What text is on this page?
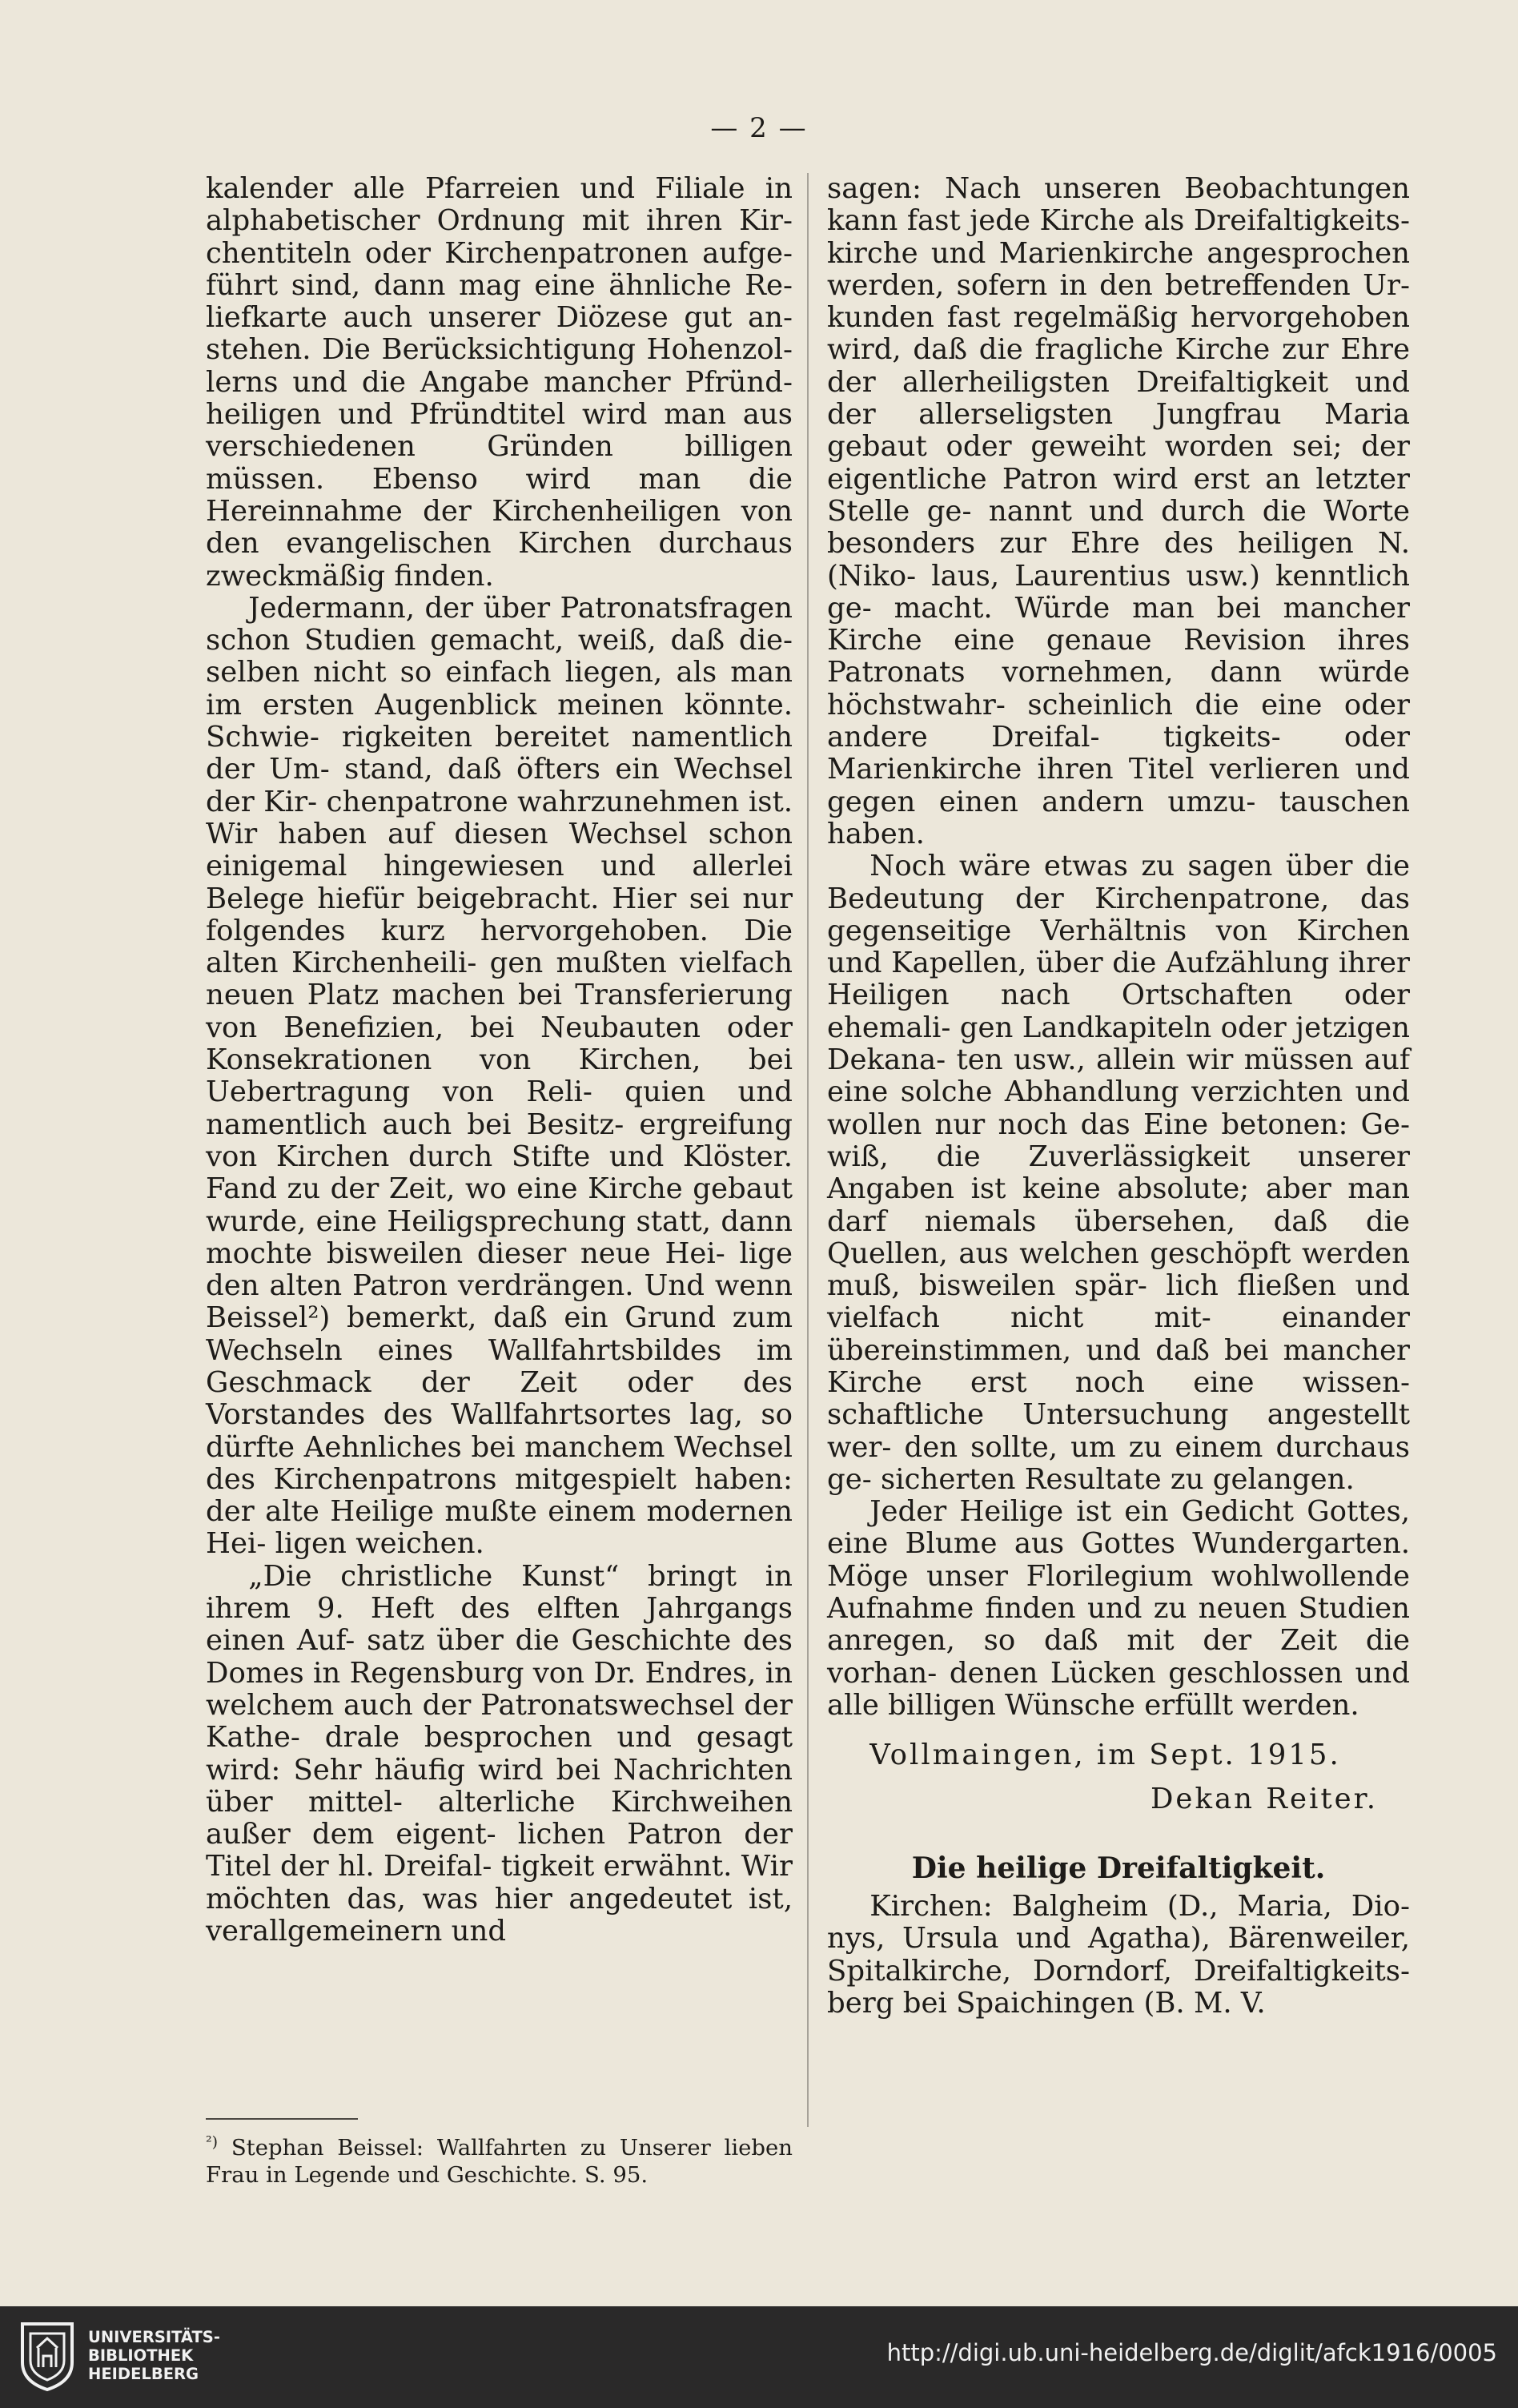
— 2 —

kalender alle Pfarreien und Filiale in alphabetischer Ordnung mit ihren Kir- chentiteln oder Kirchenpatronen aufge- führt sind, dann mag eine ähnliche Re- liefkarte auch unserer Diözese gut an- stehen. Die Berücksichtigung Hohenzol- lerns und die Angabe mancher Pfründ- heiligen und Pfründtitel wird man aus verschiedenen Gründen billigen müssen. Ebenso wird man die Hereinnahme der Kirchenheiligen von den evangelischen Kirchen durchaus zweckmäßig finden.

Jedermann, der über Patronatsfragen schon Studien gemacht, weiß, daß die- selben nicht so einfach liegen, als man im ersten Augenblick meinen könnte. Schwie- rigkeiten bereitet namentlich der Um- stand, daß öfters ein Wechsel der Kir- chenpatrone wahrzunehmen ist. Wir haben auf diesen Wechsel schon einigemal hingewiesen und allerlei Belege hiefür beigebracht. Hier sei nur folgendes kurz hervorgehoben. Die alten Kirchenheili- gen mußten vielfach neuen Platz machen bei Transferierung von Benefizien, bei Neubauten oder Konsekrationen von Kirchen, bei Uebertragung von Reli- quien und namentlich auch bei Besitz- ergreifung von Kirchen durch Stifte und Klöster. Fand zu der Zeit, wo eine Kirche gebaut wurde, eine Heiligsprechung statt, dann mochte bisweilen dieser neue Hei- lige den alten Patron verdrängen. Und wenn Beissel²) bemerkt, daß ein Grund zum Wechseln eines Wallfahrtsbildes im Geschmack der Zeit oder des Vorstandes des Wallfahrtsortes lag, so dürfte Aehnliches bei manchem Wechsel des Kirchenpatrons mitgespielt haben: der alte Heilige mußte einem modernen Hei- ligen weichen.

„Die christliche Kunst“ bringt in ihrem 9. Heft des elften Jahrgangs einen Auf- satz über die Geschichte des Domes in Regensburg von Dr. Endres, in welchem auch der Patronatswechsel der Kathe- drale besprochen und gesagt wird: Sehr häufig wird bei Nachrichten über mittel- alterliche Kirchweihen außer dem eigent- lichen Patron der Titel der hl. Dreifal- tigkeit erwähnt. Wir möchten das, was hier angedeutet ist, verallgemeinern und

sagen: Nach unseren Beobachtungen kann fast jede Kirche als Dreifaltigkeits- kirche und Marienkirche angesprochen werden, sofern in den betreffenden Ur- kunden fast regelmäßig hervorgehoben wird, daß die fragliche Kirche zur Ehre der allerheiligsten Dreifaltigkeit und der allerseligsten Jungfrau Maria gebaut oder geweiht worden sei; der eigentliche Patron wird erst an letzter Stelle ge- nannt und durch die Worte besonders zur Ehre des heiligen N. (Niko- laus, Laurentius usw.) kenntlich ge- macht. Würde man bei mancher Kirche eine genaue Revision ihres Patronats vornehmen, dann würde höchstwahr- scheinlich die eine oder andere Dreifal- tigkeits- oder Marienkirche ihren Titel verlieren und gegen einen andern umzu- tauschen haben.

Noch wäre etwas zu sagen über die Bedeutung der Kirchenpatrone, das gegenseitige Verhältnis von Kirchen und Kapellen, über die Aufzählung ihrer Heiligen nach Ortschaften oder ehemali- gen Landkapiteln oder jetzigen Dekana- ten usw., allein wir müssen auf eine solche Abhandlung verzichten und wollen nur noch das Eine betonen: Ge- wiß, die Zuverlässigkeit unserer Angaben ist keine absolute; aber man darf niemals übersehen, daß die Quellen, aus welchen geschöpft werden muß, bisweilen spär- lich fließen und vielfach nicht mit- einander übereinstimmen, und daß bei mancher Kirche erst noch eine wissen- schaftliche Untersuchung angestellt wer- den sollte, um zu einem durchaus ge- sicherten Resultate zu gelangen.

Jeder Heilige ist ein Gedicht Gottes, eine Blume aus Gottes Wundergarten. Möge unser Florilegium wohlwollende Aufnahme finden und zu neuen Studien anregen, so daß mit der Zeit die vorhan- denen Lücken geschlossen und alle billigen Wünsche erfüllt werden.

Vollmaingen, im Sept. 1915.

Dekan Reiter.

Die heilige Dreifaltigkeit.

Kirchen: Balgheim (D., Maria, Dio- nys, Ursula und Agatha), Bärenweiler, Spitalkirche, Dorndorf, Dreifaltigkeits- berg bei Spaichingen (B. M. V.

$^{^2)}$ Stephan Beissel: Wallfahrten zu Unserer lieben Frau in Legende und Geschichte. S. 95.
UNIVERSITÄTS-
BIBLIOTHEK
HEIDELBERG
http://digi.ub.uni-heidelberg.de/diglit/afck1916/0005
